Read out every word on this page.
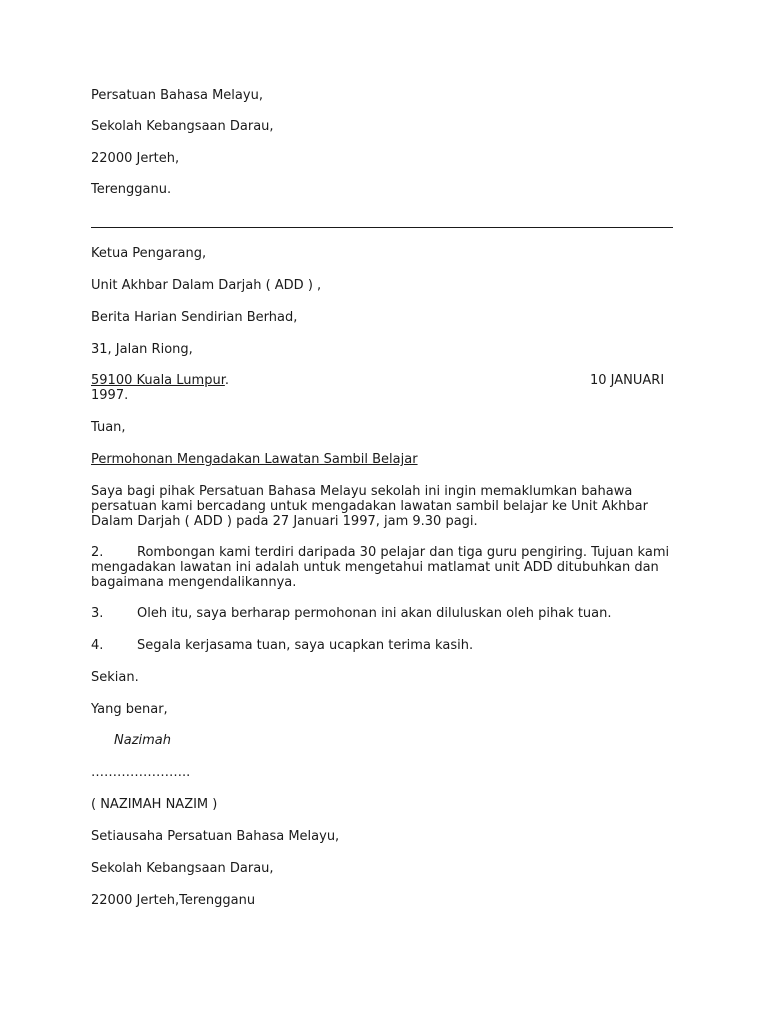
Persatuan Bahasa Melayu,
Sekolah Kebangsaan Darau,
22000 Jerteh,
Terengganu.
Ketua Pengarang,
Unit Akhbar Dalam Darjah ( ADD ) ,
Berita Harian Sendirian Berhad,
31, Jalan Riong,
59100 Kuala Lumpur.	10 JANUARI
1997.
Tuan,
Permohonan Mengadakan Lawatan Sambil Belajar
Saya bagi pihak Persatuan Bahasa Melayu sekolah ini ingin memaklumkan bahawa persatuan kami bercadang untuk mengadakan lawatan sambil belajar ke Unit Akhbar Dalam Darjah ( ADD ) pada 27 Januari 1997, jam 9.30 pagi.
2.	Rombongan kami terdiri daripada 30 pelajar dan tiga guru pengiring. Tujuan kami mengadakan lawatan ini adalah untuk mengetahui matlamat unit ADD ditubuhkan dan bagaimana mengendalikannya.
3.	Oleh itu, saya berharap permohonan ini akan diluluskan oleh pihak tuan.
4.	Segala kerjasama tuan, saya ucapkan terima kasih.
Sekian.
Yang benar,
Nazimah
…………………..
( NAZIMAH NAZIM )
Setiausaha Persatuan Bahasa Melayu,
Sekolah Kebangsaan Darau,
22000 Jerteh,Terengganu
